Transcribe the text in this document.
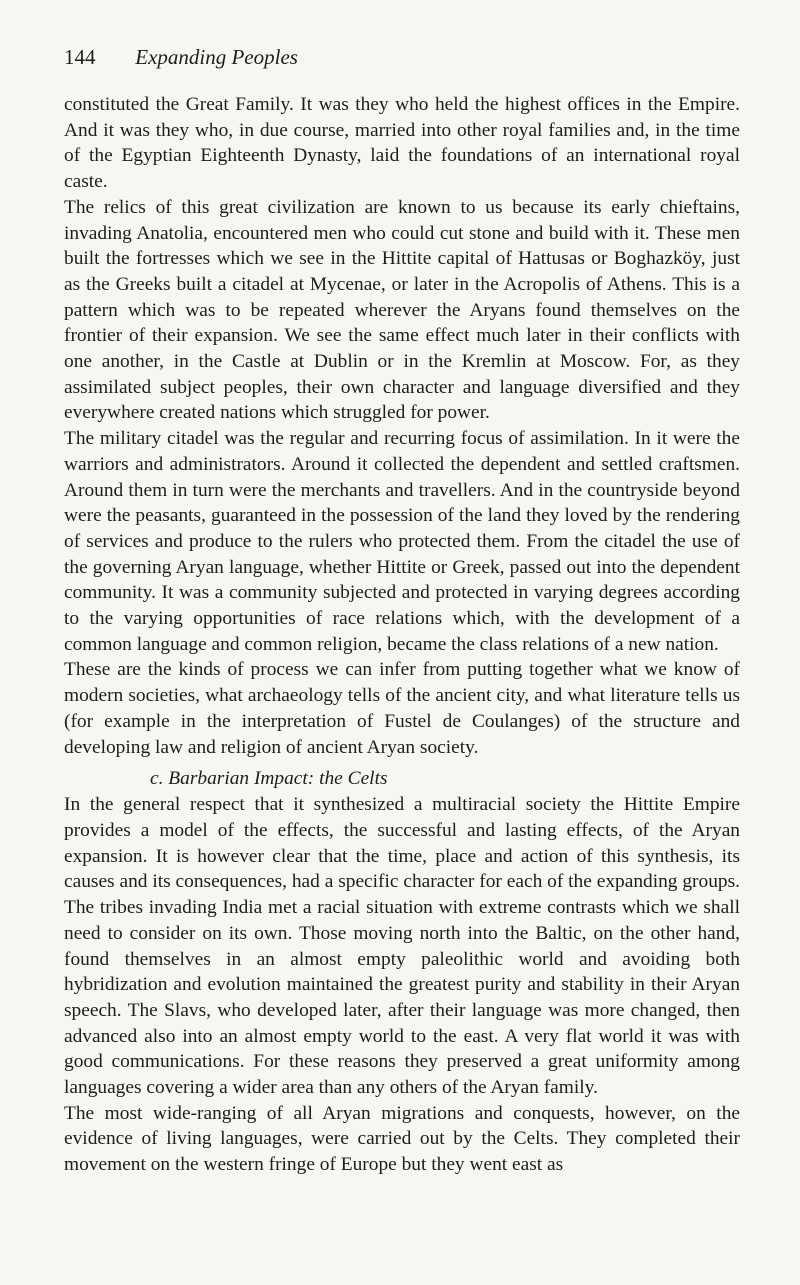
144 Expanding Peoples

constituted the Great Family. It was they who held the highest offices in the Empire. And it was they who, in due course, married into other royal families and, in the time of the Egyptian Eighteenth Dynasty, laid the foundations of an international royal caste.

The relics of this great civilization are known to us because its early chieftains, invading Anatolia, encountered men who could cut stone and build with it. These men built the fortresses which we see in the Hittite capital of Hattusas or Boghazköy, just as the Greeks built a citadel at Mycenae, or later in the Acropolis of Athens. This is a pattern which was to be repeated wherever the Aryans found themselves on the frontier of their expansion. We see the same effect much later in their conflicts with one another, in the Castle at Dublin or in the Kremlin at Moscow. For, as they assimilated subject peoples, their own character and language diversified and they everywhere created nations which struggled for power.

The military citadel was the regular and recurring focus of assimilation. In it were the warriors and administrators. Around it collected the dependent and settled craftsmen. Around them in turn were the merchants and travellers. And in the countryside beyond were the peasants, guaranteed in the possession of the land they loved by the rendering of services and produce to the rulers who protected them. From the citadel the use of the governing Aryan language, whether Hittite or Greek, passed out into the dependent community. It was a community subjected and protected in varying degrees according to the varying opportunities of race relations which, with the development of a common language and common religion, became the class relations of a new nation.

These are the kinds of process we can infer from putting together what we know of modern societies, what archaeology tells of the ancient city, and what literature tells us (for example in the interpretation of Fustel de Coulanges) of the structure and developing law and religion of ancient Aryan society.

c. Barbarian Impact: the Celts

In the general respect that it synthesized a multiracial society the Hittite Empire provides a model of the effects, the successful and lasting effects, of the Aryan expansion. It is however clear that the time, place and action of this synthesis, its causes and its consequences, had a specific character for each of the expanding groups. The tribes invading India met a racial situation with extreme contrasts which we shall need to consider on its own. Those moving north into the Baltic, on the other hand, found themselves in an almost empty paleolithic world and avoiding both hybridization and evolution maintained the greatest purity and stability in their Aryan speech. The Slavs, who developed later, after their language was more changed, then advanced also into an almost empty world to the east. A very flat world it was with good communications. For these reasons they preserved a great uniformity among languages covering a wider area than any others of the Aryan family.

The most wide-ranging of all Aryan migrations and conquests, however, on the evidence of living languages, were carried out by the Celts. They completed their movement on the western fringe of Europe but they went east as
